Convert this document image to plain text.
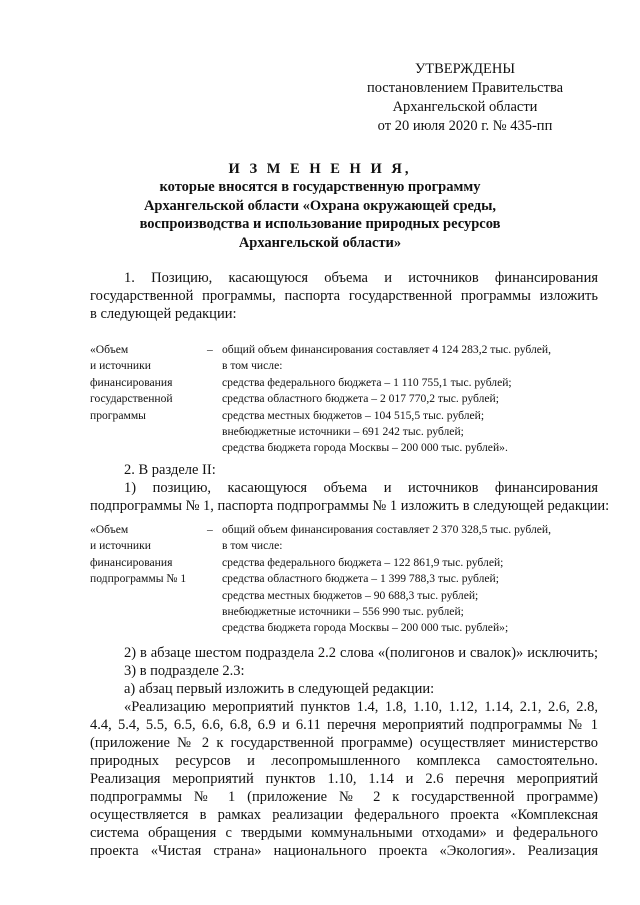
УТВЕРЖДЕНЫ
постановлением Правительства
Архангельской области
от 20 июля 2020 г. № 435-пп
И З М Е Н Е Н И Я,
которые вносятся в государственную программу
Архангельской области «Охрана окружающей среды,
воспроизводства и использование природных ресурсов
Архангельской области»
1. Позицию, касающуюся объема и источников финансирования
государственной программы, паспорта государственной программы изложить
в следующей редакции:
«Объем
и источники
финансирования
государственной
программы
– общий объем финансирования составляет 4 124 283,2 тыс. рублей,
в том числе:
средства федерального бюджета – 1 110 755,1 тыс. рублей;
средства областного бюджета – 2 017 770,2 тыс. рублей;
средства местных бюджетов – 104 515,5 тыс. рублей;
внебюджетные источники – 691 242 тыс. рублей;
средства бюджета города Москвы – 200 000 тыс. рублей».
2. В разделе II:
1) позицию, касающуюся объема и источников финансирования
подпрограммы № 1, паспорта подпрограммы № 1 изложить в следующей редакции:
«Объем
и источники
финансирования
подпрограммы № 1
– общий объем финансирования составляет 2 370 328,5 тыс. рублей,
в том числе:
средства федерального бюджета – 122 861,9 тыс. рублей;
средства областного бюджета – 1 399 788,3 тыс. рублей;
средства местных бюджетов – 90 688,3 тыс. рублей;
внебюджетные источники – 556 990 тыс. рублей;
средства бюджета города Москвы – 200 000 тыс. рублей»;
2) в абзаце шестом подраздела 2.2 слова «(полигонов и свалок)» исключить;
3) в подразделе 2.3:
а) абзац первый изложить в следующей редакции:
«Реализацию мероприятий пунктов 1.4, 1.8, 1.10, 1.12, 1.14, 2.1, 2.6, 2.8,
4.4, 5.4, 5.5, 6.5, 6.6, 6.8, 6.9 и 6.11 перечня мероприятий подпрограммы № 1
(приложение № 2 к государственной программе) осуществляет министерство
природных ресурсов и лесопромышленного комплекса самостоятельно.
Реализация мероприятий пунктов 1.10, 1.14 и 2.6 перечня мероприятий
подпрограммы № 1 (приложение № 2 к государственной программе)
осуществляется в рамках реализации федерального проекта «Комплексная
система обращения с твердыми коммунальными отходами» и федерального
проекта «Чистая страна» национального проекта «Экология». Реализация
